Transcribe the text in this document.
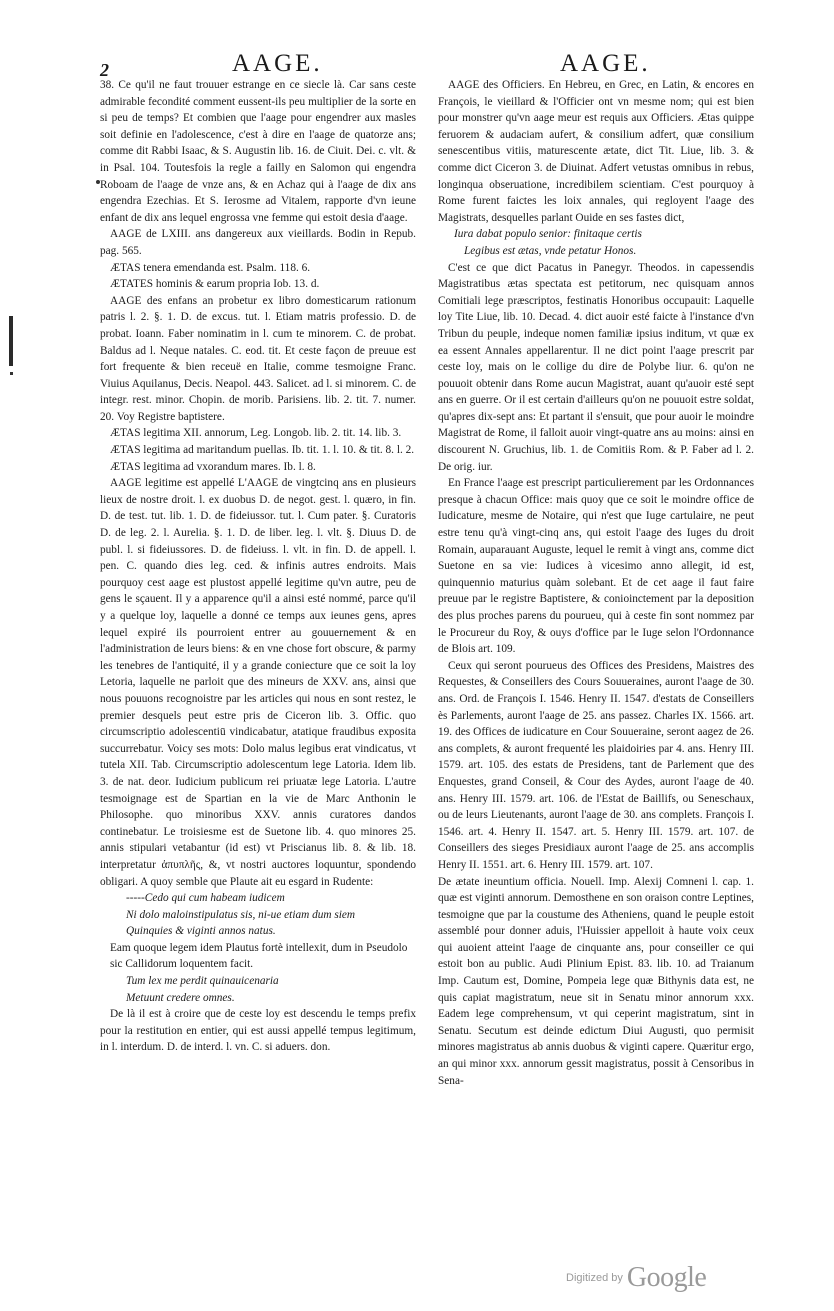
2	AAGE.	AAGE.

38. Ce qu'il ne faut trouuer estrange en ce siecle là. Car sans ceste admirable fecondité comment eussent-ils peu multiplier de la sorte en si peu de temps? Et combien que l'aage pour engendrer aux masles soit definie en l'adolescence, c'est à dire en l'aage de quatorze ans; comme dit Rabbi Isaac, & S. Augustin lib. 16. de Ciuit. Dei. c. vlt. & in Psal. 104. Toutesfois la regle a failly en Salomon qui engendra Roboam de l'aage de vnze ans, & en Achaz qui à l'aage de dix ans engendra Ezechias. Et S. Ierosme ad Vitalem, rapporte d'vn ieune enfant de dix ans lequel engrossa vne femme qui estoit desia d'aage.

AAGE de LXIII. ans dangereux aux vieillards. Bodin in Repub. pag. 565.

ÆTAS tenera emendanda est. Psalm. 118. 6.

ÆTATES hominis & earum propria Iob. 13. d.

AAGE des enfans an probetur ex libro domesticarum rationum patris l. 2. §. 1. D. de excus. tut. l. Etiam matris professio. D. de probat. Ioann. Faber nominatim in l. cum te minorem. C. de probat. Baldus ad l. Neque natales. C. eod. tit. Et ceste façon de preuue est fort frequente & bien receuë en Italie, comme tesmoigne Franc. Viuius Aquilanus, Decis. Neapol. 443. Salicet. ad l. si minorem. C. de integr. rest. minor. Chopin. de morib. Parisiens. lib. 2. tit. 7. numer. 20. Voy Registre baptistere.

ÆTAS legitima XII. annorum, Leg. Longob. lib. 2. tit. 14. lib. 3.

ÆTAS legitima ad maritandum puellas. Ib. tit. 1. l. 10. & tit. 8. l. 2.

ÆTAS legitima ad vxorandum mares. Ib. l. 8.

AAGE legitime est appellé L'AAGE de vingtcinq ans en plusieurs lieux de nostre droit. l. ex duobus D. de negot. gest. l. quæro, in fin. D. de test. tut. lib. 1. D. de fideiussor. tut. l. Cum pater. §. Curatoris D. de leg. 2. l. Aurelia. §. 1. D. de liber. leg. l. vlt. §. Diuus D. de publ. l. si fideiussores. D. de fideiuss. l. vlt. in fin. D. de appell. l. pen. C. quando dies leg. ced. & infinis autres endroits. Mais pourquoy cest aage est plustost appellé legitime qu'vn autre, peu de gens le sçauent. Il y a apparence qu'il a ainsi esté nommé, parce qu'il y a quelque loy, laquelle a donné ce temps aux ieunes gens, apres lequel expiré ils pourroient entrer au gouuernement & en l'administration de leurs biens: & en vne chose fort obscure, & parmy les tenebres de l'antiquité, il y a grande coniecture que ce soit la loy Letoria, laquelle ne parloit que des mineurs de XXV. ans, ainsi que nous pouuons recognoistre par les articles qui nous en sont restez, le premier desquels peut estre pris de Ciceron lib. 3. Offic. quo circumscriptio adolescentiū vindicabatur, atatique fraudibus exposita succurrebatur. Voicy ses mots: Dolo malus legibus erat vindicatus, vt tutela XII. Tab. Circumscriptio adolescentum lege Latoria. Idem lib. 3. de nat. deor. Iudicium publicum rei priuatæ lege Latoria. L'autre tesmoignage est de Spartian en la vie de Marc Anthonin le Philosophe. quo minoribus XXV. annis curatores dandos continebatur. Le troisiesme est de Suetone lib. 4. quo minores 25. annis stipulari vetabantur (id est) vt Priscianus lib. 8. & lib. 18. interpretatur ἀπυπλῆς, &, vt nostri auctores loquuntur, spondendo obligari. A quoy semble que Plaute ait eu esgard in Rudente:

-----Cedo qui cum habeam iudicem

Ni dolo maloinstipulatus sis, ni-ue etiam dum siem

Quinquies & viginti annos natus.

Eam quoque legem idem Plautus fortè intellexit, dum in Pseudolo sic Callidorum loquentem facit.

Tum lex me perdit quinauicenaria

Metuunt credere omnes.

De là il est à croire que de ceste loy est descendu le temps prefix pour la restitution en entier, qui est aussi appellé tempus legitimum, in l. interdum. D. de interd. l. vn. C. si aduers. don.

AAGE des Officiers. En Hebreu, en Grec, en Latin, & encores en François, le vieillard & l'Officier ont vn mesme nom; qui est bien pour monstrer qu'vn aage meur est requis aux Officiers. Ætas quippe feruorem & audaciam aufert, & consilium adfert, quæ consilium senescentibus vitiis, maturescente ætate, dict Tit. Liue, lib. 3. & comme dict Ciceron 3. de Diuinat. Adfert vetustas omnibus in rebus, longinqua obseruatione, incredibilem scientiam. C'est pourquoy à Rome furent faictes les loix annales, qui regloyent l'aage des Magistrats, desquelles parlant Ouide en ses fastes dict,

Iura dabat populo senior: finitaque certis

Legibus est ætas, vnde petatur Honos.

C'est ce que dict Pacatus in Panegyr. Theodos. in capessendis Magistratibus ætas spectata est petitorum, nec quisquam annos Comitiali lege præscriptos, festinatis Honoribus occupauit: Laquelle loy Tite Liue, lib. 10. Decad. 4. dict auoir esté faicte à l'instance d'vn Tribun du peuple, indeque nomen familiæ ipsius inditum, vt quæ ex ea essent Annales appellarentur. Il ne dict point l'aage prescrit par ceste loy, mais on le collige du dire de Polybe liur. 6. qu'on ne pouuoit obtenir dans Rome aucun Magistrat, auant qu'auoir esté sept ans en guerre. Or il est certain d'ailleurs qu'on ne pouuoit estre soldat, qu'apres dix-sept ans: Et partant il s'ensuit, que pour auoir le moindre Magistrat de Rome, il falloit auoir vingt-quatre ans au moins: ainsi en discourent N. Gruchius, lib. 1. de Comitiis Rom. & P. Faber ad l. 2. De orig. iur.

En France l'aage est prescript particulierement par les Ordonnances presque à chacun Office: mais quoy que ce soit le moindre office de Iudicature, mesme de Notaire, qui n'est que Iuge cartulaire, ne peut estre tenu qu'à vingt-cinq ans, qui estoit l'aage des Iuges du droit Romain, auparauant Auguste, lequel le remit à vingt ans, comme dict Suetone en sa vie: Iudices à vicesimo anno allegit, id est, quinquennio maturius quàm solebant. Et de cet aage il faut faire preuue par le registre Baptistere, & conioinctement par la deposition des plus proches parens du pourueu, qui à ceste fin sont nommez par le Procureur du Roy, & ouys d'office par le Iuge selon l'Ordonnance de Blois art. 109.

Ceux qui seront pourueus des Offices des Presidens, Maistres des Requestes, & Conseillers des Cours Souueraines, auront l'aage de 30. ans. Ord. de François I. 1546. Henry II. 1547. d'estats de Conseillers ès Parlements, auront l'aage de 25. ans passez. Charles IX. 1566. art. 19. des Offices de iudicature en Cour Souueraine, seront aagez de 26. ans complets, & auront frequenté les plaidoiries par 4. ans. Henry III. 1579. art. 105. des estats de Presidens, tant de Parlement que des Enquestes, grand Conseil, & Cour des Aydes, auront l'aage de 40. ans. Henry III. 1579. art. 106. de l'Estat de Baillifs, ou Seneschaux, ou de leurs Lieutenants, auront l'aage de 30. ans complets. François I. 1546. art. 4. Henry II. 1547. art. 5. Henry III. 1579. art. 107. de Conseillers des sieges Presidiaux auront l'aage de 25. ans accomplis Henry II. 1551. art. 6. Henry III. 1579. art. 107.

De ætate ineuntium officia. Nouell. Imp. Alexij Comneni l. cap. 1. quæ est viginti annorum. Demosthene en son oraison contre Leptines, tesmoigne que par la coustume des Atheniens, quand le peuple estoit assemblé pour donner aduis, l'Huissier appelloit à haute voix ceux qui auoient atteint l'aage de cinquante ans, pour conseiller ce qui estoit bon au public. Audi Plinium Epist. 83. lib. 10. ad Traianum Imp. Cautum est, Domine, Pompeia lege quæ Bithynis data est, ne quis capiat magistratum, neue sit in Senatu minor annorum xxx. Eadem lege comprehensum, vt qui ceperint magistratum, sint in Senatu. Secutum est deinde edictum Diui Augusti, quo permisit minores magistratus ab annis duobus & viginti capere. Quæritur ergo, an qui minor xxx. annorum gessit magistratus, possit à Censoribus in Sena-

Digitized by Google
